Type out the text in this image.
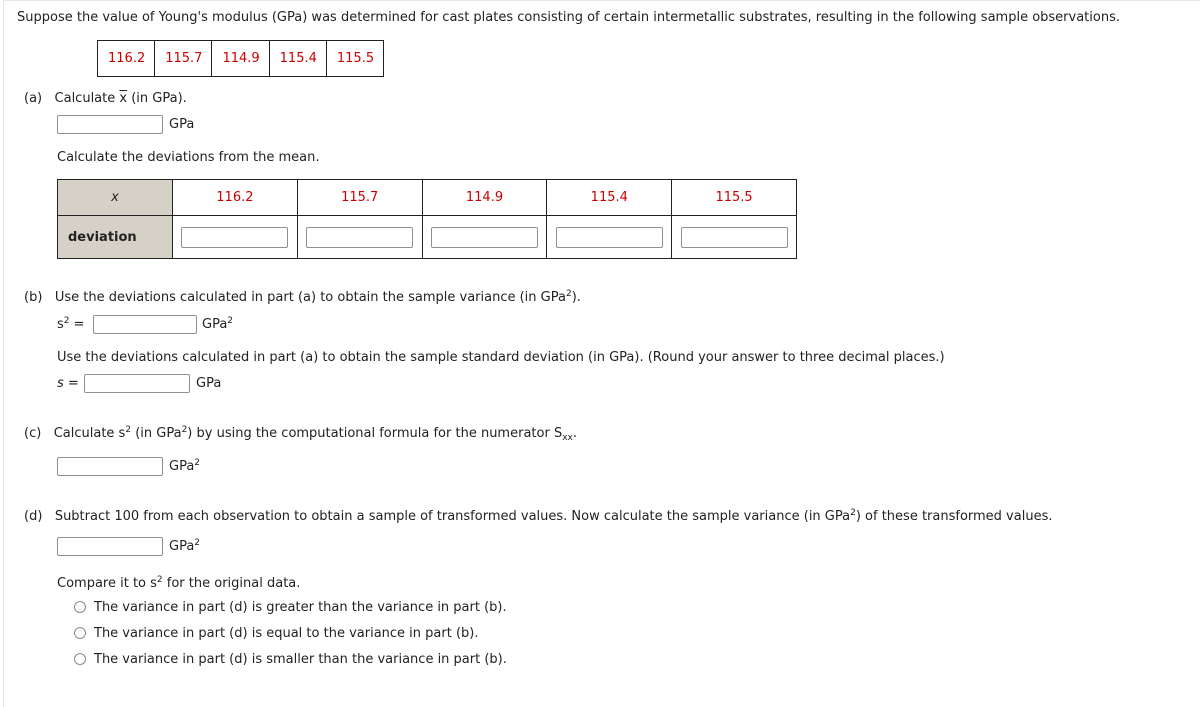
Suppose the value of Young's modulus (GPa) was determined for cast plates consisting of certain intermetallic substrates, resulting in the following sample observations.
116.2	115.7	114.9	115.4	115.5
(a) Calculate $\overline{x}$ (in GPa).
GPa
Calculate the deviations from the mean.
x	116.2	115.7	114.9	115.4	115.5
deviation					
(b) Use the deviations calculated in part (a) to obtain the sample variance (in GPa$^2$).
$s^2$ =	GPa$^2$
Use the deviations calculated in part (a) to obtain the sample standard deviation (in GPa). (Round your answer to three decimal places.)
s =	GPa
(c) Calculate $s^2$ (in GPa$^2$) by using the computational formula for the numerator $S_{xx}$.
GPa$^2$
(d) Subtract 100 from each observation to obtain a sample of transformed values. Now calculate the sample variance (in GPa$^2$) of these transformed values.
GPa$^2$
Compare it to $s^2$ for the original data.
The variance in part (d) is greater than the variance in part (b).
The variance in part (d) is equal to the variance in part (b).
The variance in part (d) is smaller than the variance in part (b).
